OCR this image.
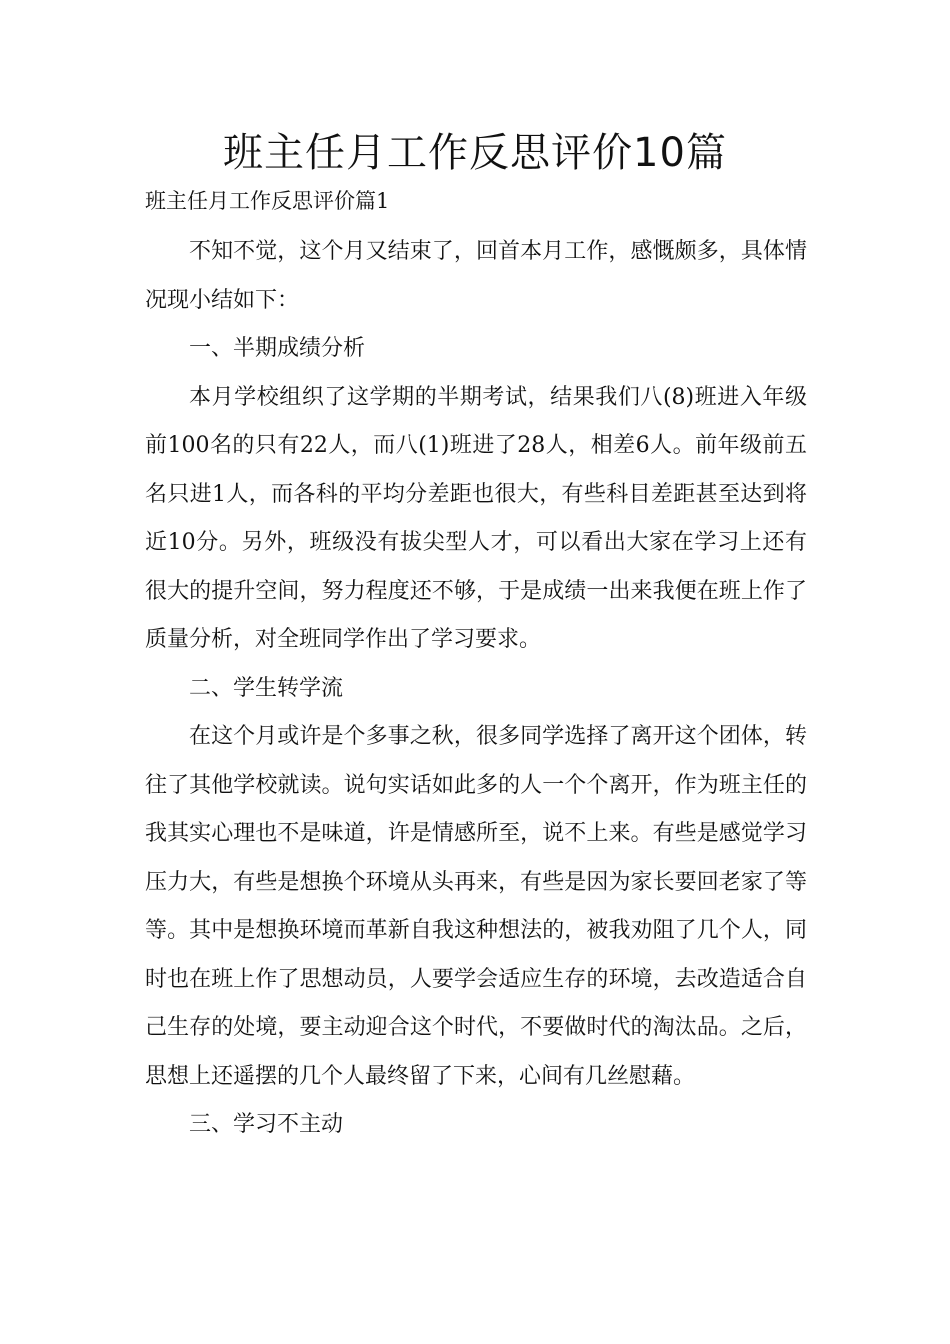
班主任月工作反思评价10篇
班主任月工作反思评价篇1

不知不觉，这个月又结束了，回首本月工作，感慨颇多，具体情况现小结如下：

一、半期成绩分析

本月学校组织了这学期的半期考试，结果我们八(8)班进入年级前100名的只有22人，而八(1)班进了28人，相差6人。前年级前五名只进1人，而各科的平均分差距也很大，有些科目差距甚至达到将近10分。另外，班级没有拔尖型人才，可以看出大家在学习上还有很大的提升空间，努力程度还不够，于是成绩一出来我便在班上作了质量分析，对全班同学作出了学习要求。

二、学生转学流

在这个月或许是个多事之秋，很多同学选择了离开这个团体，转往了其他学校就读。说句实话如此多的人一个个离开，作为班主任的我其实心理也不是味道，许是情感所至，说不上来。有些是感觉学习压力大，有些是想换个环境从头再来，有些是因为家长要回老家了等等。其中是想换环境而革新自我这种想法的，被我劝阻了几个人，同时也在班上作了思想动员，人要学会适应生存的环境，去改造适合自己生存的处境，要主动迎合这个时代，不要做时代的淘汰品。之后，思想上还遥摆的几个人最终留了下来，心间有几丝慰藉。

三、学习不主动
